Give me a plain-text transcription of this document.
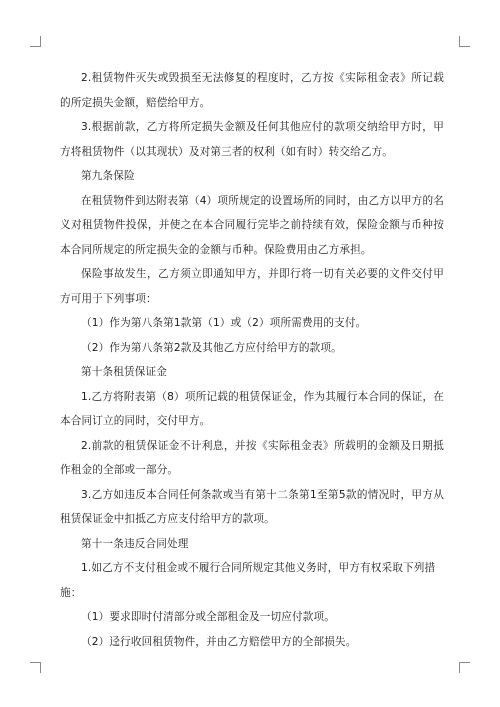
2.租赁物件灭失或毁损至无法修复的程度时，乙方按《实际租金表》所记载的所定损失金额，赔偿给甲方。

3.根据前款，乙方将所定损失金额及任何其他应付的款项交纳给甲方时，甲方将租赁物件（以其现状）及对第三者的权利（如有时）转交给乙方。

第九条保险

在租赁物件到达附表第（4）项所规定的设置场所的同时，由乙方以甲方的名义对租赁物件投保，并使之在本合同履行完毕之前持续有效，保险金额与币种按本合同所规定的所定损失金的金额与币种。保险费用由乙方承担。

保险事故发生，乙方须立即通知甲方，并即行将一切有关必要的文件交付甲方可用于下列事项：

（1）作为第八条第1款第（1）或（2）项所需费用的支付。

（2）作为第八条第2款及其他乙方应付给甲方的款项。

第十条租赁保证金

1.乙方将附表第（8）项所记载的租赁保证金，作为其履行本合同的保证，在本合同订立的同时，交付甲方。

2.前款的租赁保证金不计利息，并按《实际租金表》所载明的金额及日期抵作租金的全部或一部分。

3.乙方如违反本合同任何条款或当有第十二条第1至第5款的情况时，甲方从租赁保证金中扣抵乙方应支付给甲方的款项。

第十一条违反合同处理

1.如乙方不支付租金或不履行合同所规定其他义务时，甲方有权采取下列措施：

（1）要求即时付清部分或全部租金及一切应付款项。

（2）迳行收回租赁物件，并由乙方赔偿甲方的全部损失。
